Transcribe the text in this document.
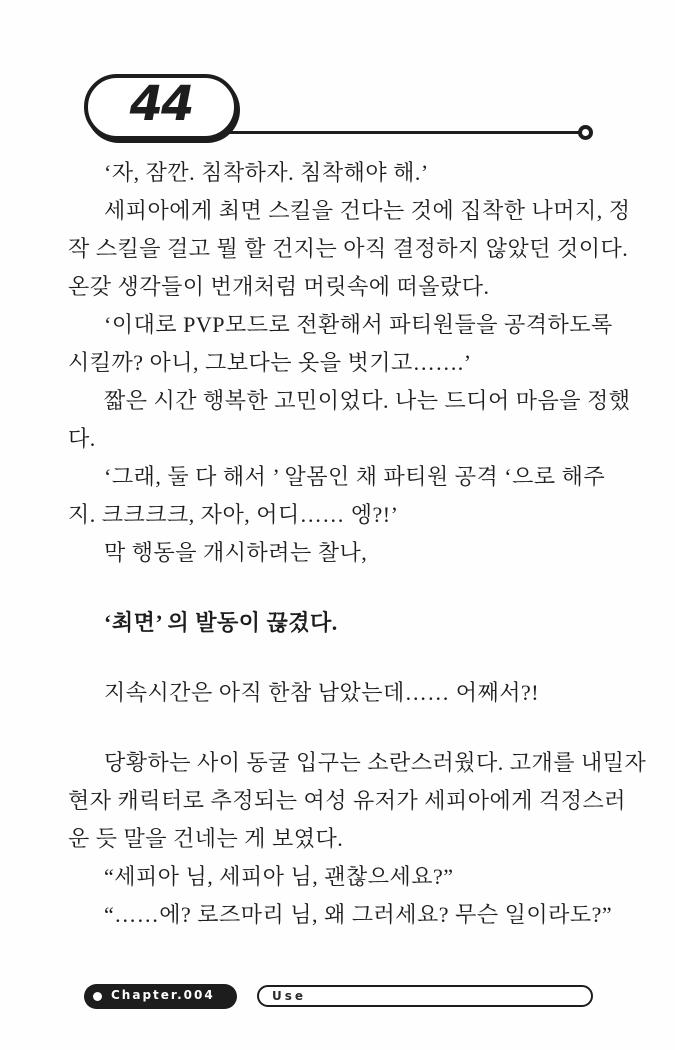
44
‘자, 잠깐. 침착하자. 침착해야 해.’
세피아에게 최면 스킬을 건다는 것에 집착한 나머지, 정
작 스킬을 걸고 뭘 할 건지는 아직 결정하지 않았던 것이다.
온갖 생각들이 번개처럼 머릿속에 떠올랐다.
‘이대로 PVP모드로 전환해서 파티원들을 공격하도록
시킬까? 아니, 그보다는 옷을 벗기고…….’
짧은 시간 행복한 고민이었다. 나는 드디어 마음을 정했
다.
‘그래, 둘 다 해서 ’ 알몸인 채 파티원 공격 ‘으로 해주
지. 크크크크, 자아, 어디…… 엥?!’
막 행동을 개시하려는 찰나,
‘최면’ 의 발동이 끊겼다.
지속시간은 아직 한참 남았는데…… 어째서?!
당황하는 사이 동굴 입구는 소란스러웠다. 고개를 내밀자
현자 캐릭터로 추정되는 여성 유저가 세피아에게 걱정스러
운 듯 말을 건네는 게 보였다.
“세피아 님, 세피아 님, 괜찮으세요?”
“……에? 로즈마리 님, 왜 그러세요? 무슨 일이라도?”
Chapter.004	Use
